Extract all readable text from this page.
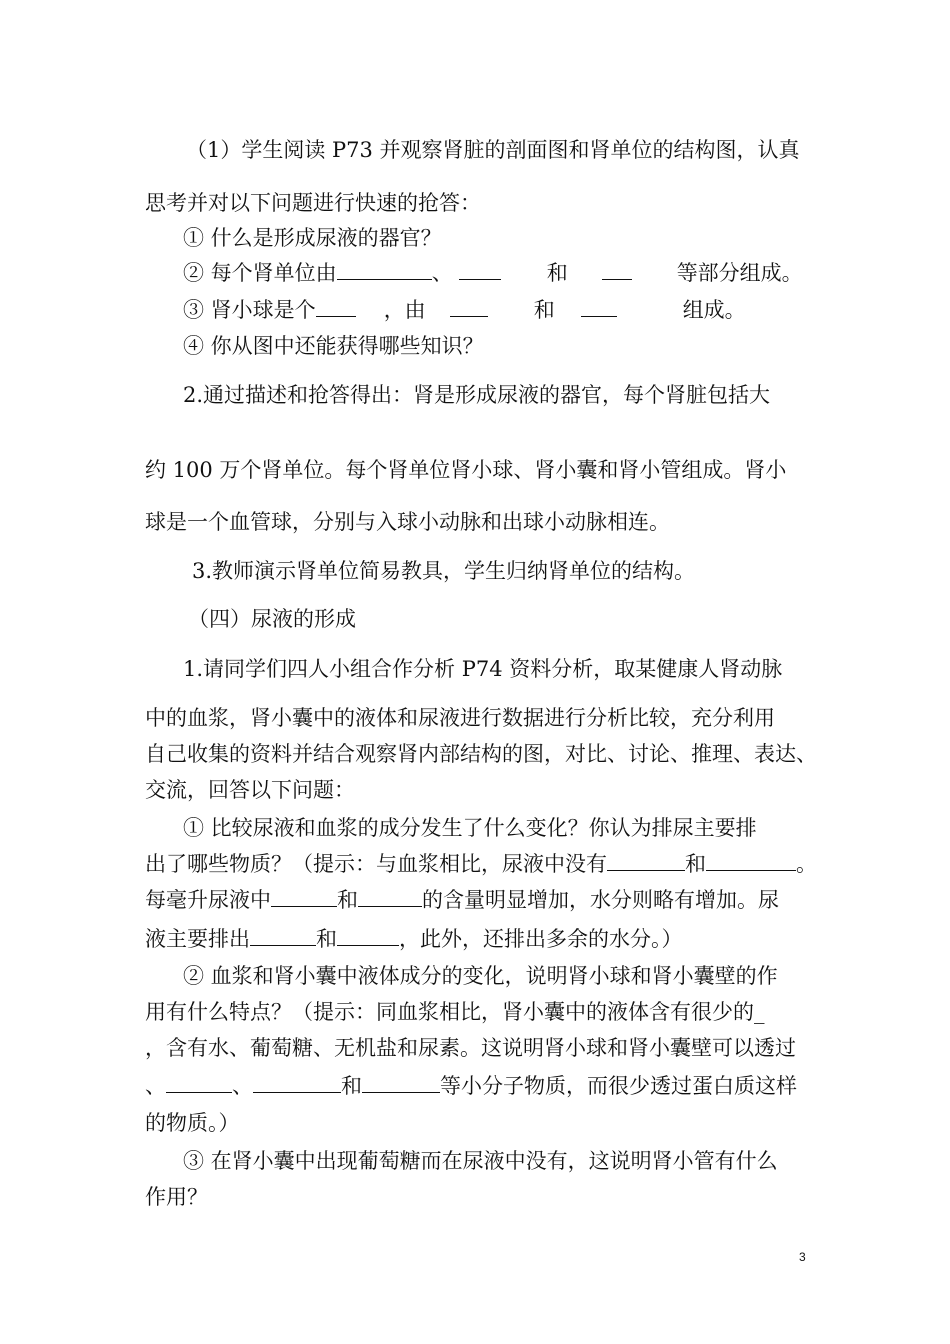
（1）学生阅读 P73 并观察肾脏的剖面图和肾单位的结构图，认真
思考并对以下问题进行快速的抢答：
① 什么是形成尿液的器官？
② 每个肾单位由	、	和	等部分组成。
③ 肾小球是个	，由	和	组成。
④ 你从图中还能获得哪些知识？
2.通过描述和抢答得出：肾是形成尿液的器官，每个肾脏包括大
约 100 万个肾单位。每个肾单位肾小球、肾小囊和肾小管组成。肾小
球是一个血管球，分别与入球小动脉和出球小动脉相连。
3.教师演示肾单位简易教具，学生归纳肾单位的结构。
（四）尿液的形成
1.请同学们四人小组合作分析 P74 资料分析，取某健康人肾动脉
中的血浆，肾小囊中的液体和尿液进行数据进行分析比较，充分利用
自己收集的资料并结合观察肾内部结构的图，对比、讨论、推理、表达、
交流，回答以下问题：
① 比较尿液和血浆的成分发生了什么变化？你认为排尿主要排
出了哪些物质？（提示：与血浆相比，尿液中没有	和	。
每毫升尿液中	和	的含量明显增加，水分则略有增加。尿
液主要排出	和	，此外，还排出多余的水分。）
② 血浆和肾小囊中液体成分的变化，说明肾小球和肾小囊壁的作
用有什么特点？（提示：同血浆相比，肾小囊中的液体含有很少的_
，含有水、葡萄糖、无机盐和尿素。这说明肾小球和肾小囊壁可以透过
、	、	和	等小分子物质，而很少透过蛋白质这样
的物质。）
③ 在肾小囊中出现葡萄糖而在尿液中没有，这说明肾小管有什么
作用？
3
